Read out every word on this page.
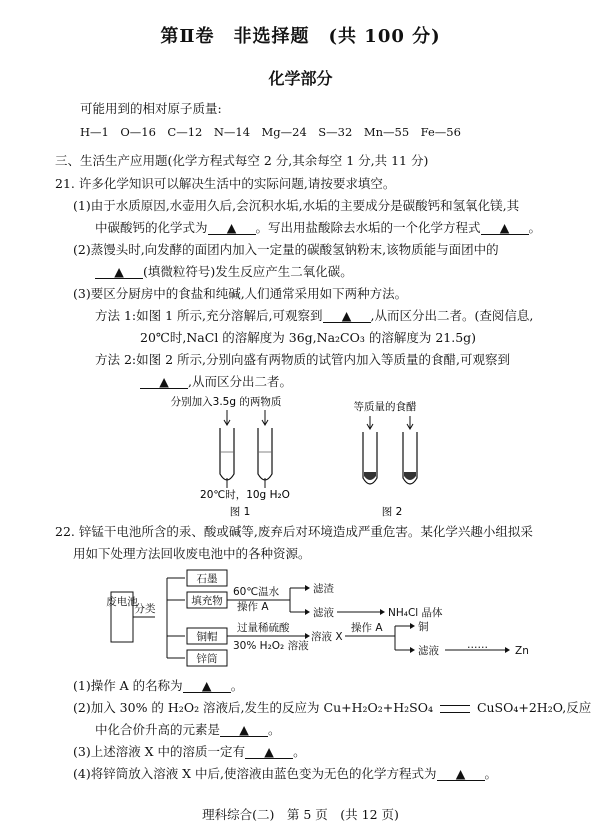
第Ⅱ卷　非选择题　(共 100 分)
化学部分
可能用到的相对原子质量:
H—1　O—16　C—12　N—14　Mg—24　S—32　Mn—55　Fe—56
三、生活生产应用题(化学方程式每空 2 分,其余每空 1 分,共 11 分)
21. 许多化学知识可以解决生活中的实际问题,请按要求填空。
(1)由于水质原因,水壶用久后,会沉积水垢,水垢的主要成分是碳酸钙和氢氧化镁,其
中碳酸钙的化学式为 ▲ 。写出用盐酸除去水垢的一个化学方程式 ▲ 。
(2)蒸馒头时,向发酵的面团内加入一定量的碳酸氢钠粉末,该物质能与面团中的
▲ (填微粒符号)发生反应产生二氧化碳。
(3)要区分厨房中的食盐和纯碱,人们通常采用如下两种方法。
方法 1:如图 1 所示,充分溶解后,可观察到 ▲ ,从而区分出二者。(查阅信息,
20℃时,NaCl 的溶解度为 36g,Na₂CO₃ 的溶解度为 21.5g)
方法 2:如图 2 所示,分别向盛有两物质的试管内加入等质量的食醋,可观察到
▲ ,从而区分出二者。
分别加入3.5g 的两物质
20℃时，10g H₂O
图 1
等质量的食醋
图 2
22. 锌锰干电池所含的汞、酸或碱等,废弃后对环境造成严重危害。某化学兴趣小组拟采
用如下处理方法回收废电池中的各种资源。
废电池
分类
石墨
填充物
铜帽
锌筒
60℃温水
操作 A
滤渣
滤液	NH₄Cl 晶体
过量稀硫酸
30% H₂O₂ 溶液
溶液 X
操作 A	铜
滤液	……	Zn
(1)操作 A 的名称为 ▲ 。
(2)加入 30% 的 H₂O₂ 溶液后,发生的反应为 Cu+H₂O₂+H₂SO₄	CuSO₄+2H₂O,反应
中化合价升高的元素是 ▲ 。
(3)上述溶液 X 中的溶质一定有 ▲ 。
(4)将锌筒放入溶液 X 中后,使溶液由蓝色变为无色的化学方程式为 ▲ 。
理科综合(二)　第 5 页　(共 12 页)
